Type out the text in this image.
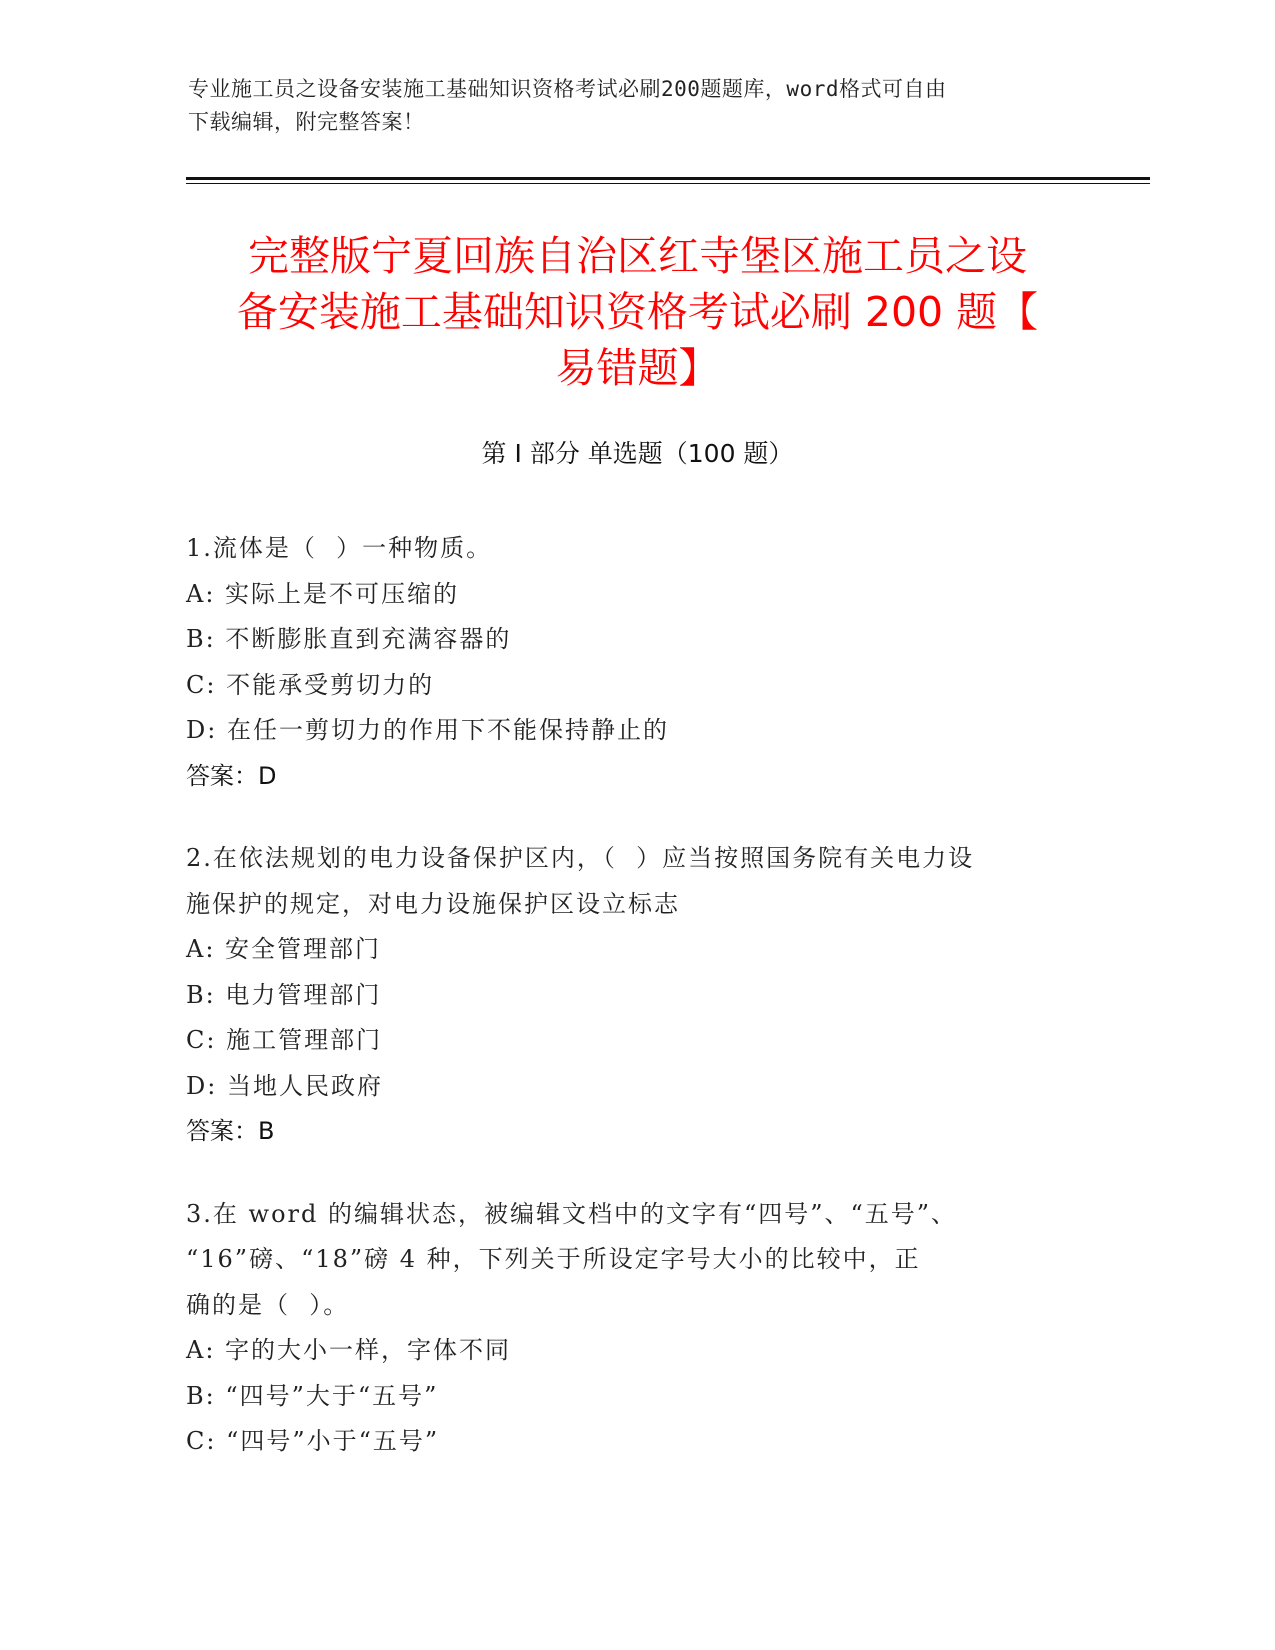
专业施工员之设备安装施工基础知识资格考试必刷200题题库，word格式可自由
下载编辑，附完整答案！
完整版宁夏回族自治区红寺堡区施工员之设
备安装施工基础知识资格考试必刷 200 题【
易错题】
第 I 部分 单选题（100 题）
1.流体是（  ）一种物质。
A: 实际上是不可压缩的
B: 不断膨胀直到充满容器的
C: 不能承受剪切力的
D: 在任一剪切力的作用下不能保持静止的
答案：D
2.在依法规划的电力设备保护区内，（  ）应当按照国务院有关电力设
施保护的规定，对电力设施保护区设立标志
A: 安全管理部门
B: 电力管理部门
C: 施工管理部门
D: 当地人民政府
答案：B
3.在 word 的编辑状态，被编辑文档中的文字有“四号”、“五号”、
“16”磅、“18”磅 4 种，下列关于所设定字号大小的比较中，正
确的是（  ）。
A: 字的大小一样，字体不同
B: “四号”大于“五号”
C: “四号”小于“五号”
